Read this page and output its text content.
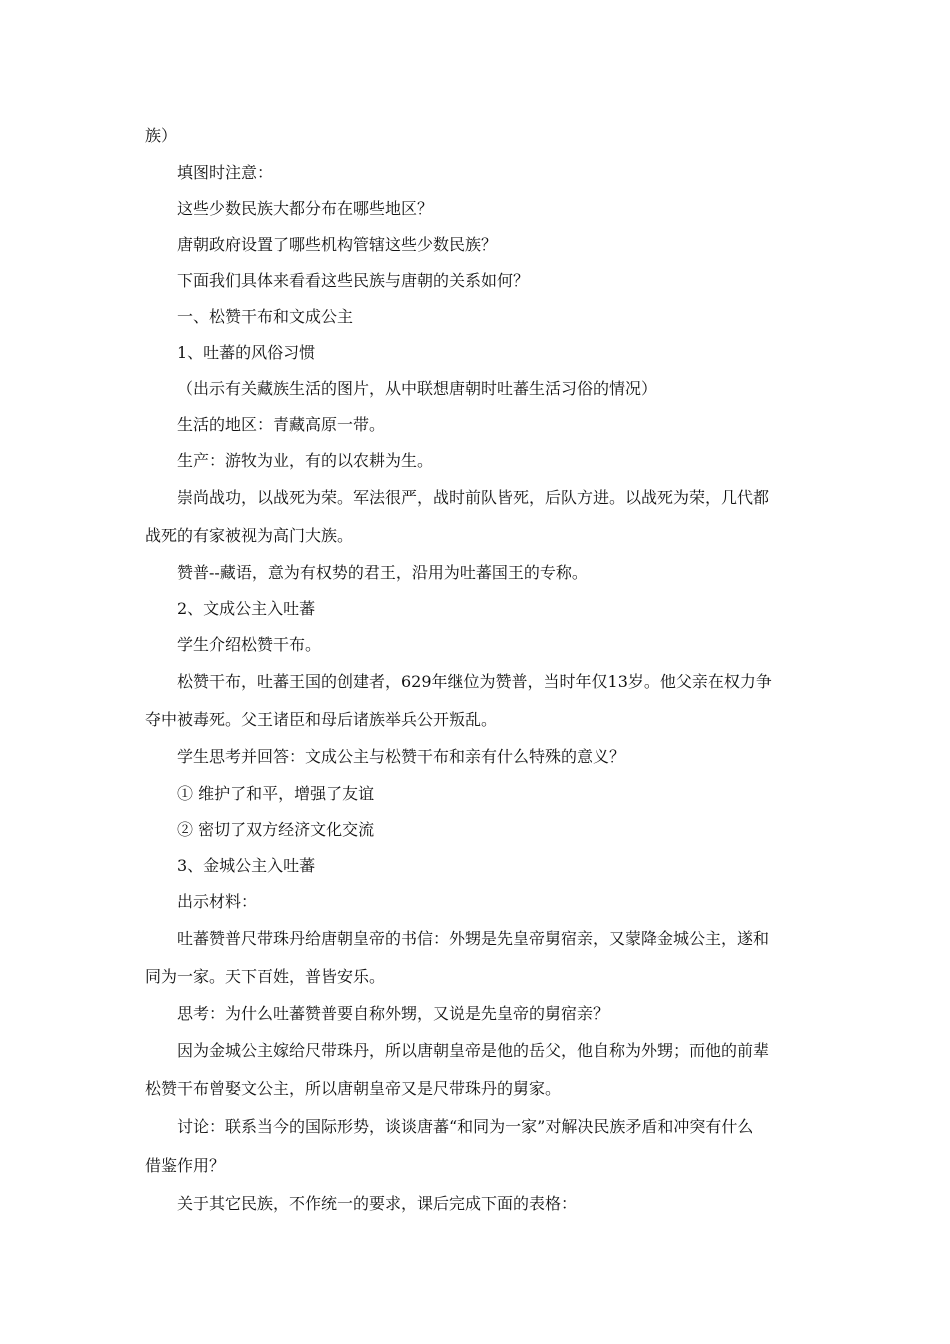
族）
填图时注意：
这些少数民族大都分布在哪些地区？
唐朝政府设置了哪些机构管辖这些少数民族？
下面我们具体来看看这些民族与唐朝的关系如何？
一、松赞干布和文成公主
1、吐蕃的风俗习惯
（出示有关藏族生活的图片，从中联想唐朝时吐蕃生活习俗的情况）
生活的地区：青藏高原一带。
生产：游牧为业，有的以农耕为生。
崇尚战功，以战死为荣。军法很严，战时前队皆死，后队方进。以战死为荣，几代都
战死的有家被视为高门大族。
赞普--藏语，意为有权势的君王，沿用为吐蕃国王的专称。
2、文成公主入吐蕃
学生介绍松赞干布。
松赞干布，吐蕃王国的创建者，629年继位为赞普，当时年仅13岁。他父亲在权力争
夺中被毒死。父王诸臣和母后诸族举兵公开叛乱。
学生思考并回答：文成公主与松赞干布和亲有什么特殊的意义？
① 维护了和平，增强了友谊
② 密切了双方经济文化交流
3、金城公主入吐蕃
出示材料：
吐蕃赞普尺带珠丹给唐朝皇帝的书信：外甥是先皇帝舅宿亲，又蒙降金城公主，遂和
同为一家。天下百姓，普皆安乐。
思考：为什么吐蕃赞普要自称外甥，又说是先皇帝的舅宿亲？
因为金城公主嫁给尺带珠丹，所以唐朝皇帝是他的岳父，他自称为外甥；而他的前辈
松赞干布曾娶文公主，所以唐朝皇帝又是尺带珠丹的舅家。
讨论：联系当今的国际形势，谈谈唐蕃“和同为一家”对解决民族矛盾和冲突有什么
借鉴作用？
关于其它民族，不作统一的要求，课后完成下面的表格：
